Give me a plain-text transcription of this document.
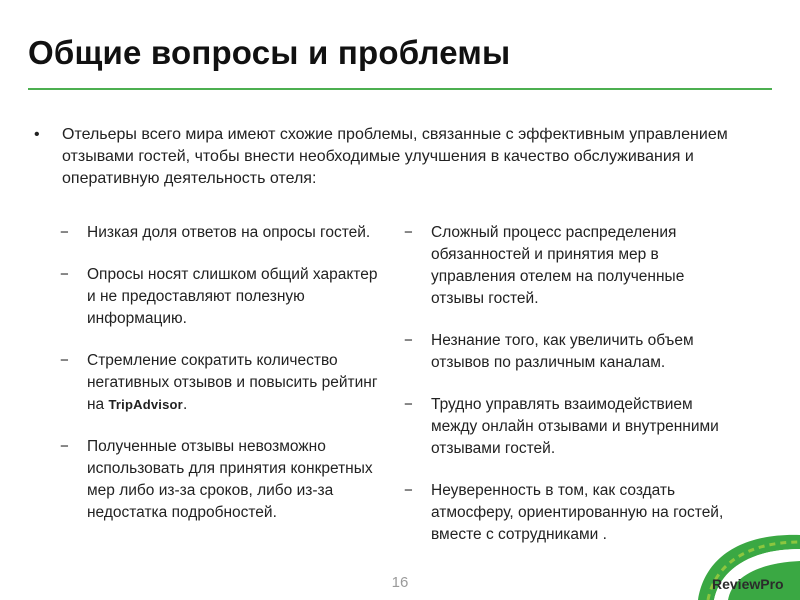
Общие вопросы и проблемы
•	Отельеры всего мира имеют схожие проблемы, связанные с эффективным управлением отзывами гостей, чтобы внести необходимые улучшения в качество обслуживания и оперативную деятельность отеля:
−	Низкая доля ответов на опросы гостей.
−	Опросы носят слишком общий характер и не предоставляют полезную информацию.
−	Стремление сократить количество негативных отзывов и повысить рейтинг на TripAdvisor.
−	Полученные отзывы невозможно использовать для принятия конкретных мер либо из-за сроков, либо из-за недостатка подробностей.
−	Сложный процесс распределения обязанностей и принятия мер в управления отелем на полученные отзывы гостей.
−	Незнание того, как увеличить объем отзывов по различным каналам.
−	Трудно управлять взаимодействием между онлайн отзывами и внутренними отзывами гостей.
−	Неуверенность в том, как создать атмосферу, ориентированную на гостей, вместе с сотрудниками .
16	ReviewPro
